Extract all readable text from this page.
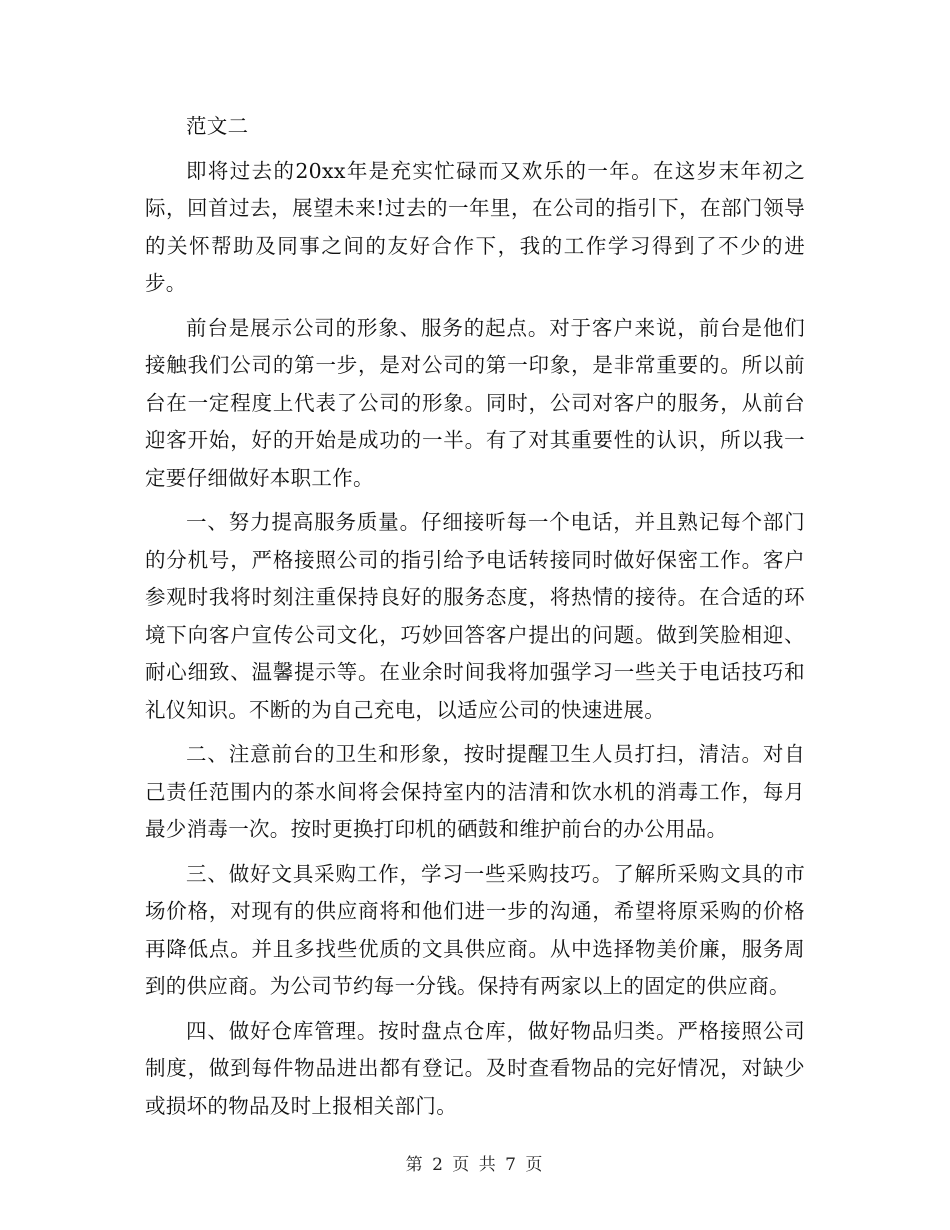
范文二

即将过去的20xx年是充实忙碌而又欢乐的一年。在这岁末年初之际，回首过去，展望未来!过去的一年里，在公司的指引下，在部门领导的关怀帮助及同事之间的友好合作下，我的工作学习得到了不少的进步。

前台是展示公司的形象、服务的起点。对于客户来说，前台是他们接触我们公司的第一步，是对公司的第一印象，是非常重要的。所以前台在一定程度上代表了公司的形象。同时，公司对客户的服务，从前台迎客开始，好的开始是成功的一半。有了对其重要性的认识，所以我一定要仔细做好本职工作。

一、努力提高服务质量。仔细接听每一个电话，并且熟记每个部门的分机号，严格接照公司的指引给予电话转接同时做好保密工作。客户参观时我将时刻注重保持良好的服务态度，将热情的接待。在合适的环境下向客户宣传公司文化，巧妙回答客户提出的问题。做到笑脸相迎、耐心细致、温馨提示等。在业余时间我将加强学习一些关于电话技巧和礼仪知识。不断的为自己充电，以适应公司的快速进展。

二、注意前台的卫生和形象，按时提醒卫生人员打扫，清洁。对自己责任范围内的茶水间将会保持室内的洁清和饮水机的消毒工作，每月最少消毒一次。按时更换打印机的硒鼓和维护前台的办公用品。

三、做好文具采购工作，学习一些采购技巧。了解所采购文具的市场价格，对现有的供应商将和他们进一步的沟通，希望将原采购的价格再降低点。并且多找些优质的文具供应商。从中选择物美价廉，服务周到的供应商。为公司节约每一分钱。保持有两家以上的固定的供应商。

四、做好仓库管理。按时盘点仓库，做好物品归类。严格接照公司制度，做到每件物品进出都有登记。及时查看物品的完好情况，对缺少或损坏的物品及时上报相关部门。

第 2 页 共 7 页
